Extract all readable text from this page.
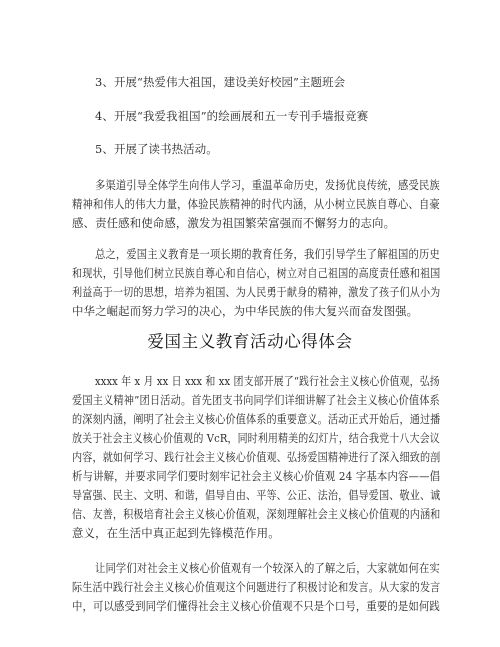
3、开展“热爱伟大祖国，建设美好校园”主题班会
4、开展“我爱我祖国”的绘画展和五一专刊手墙报竞赛
5、开展了读书热活动。
多渠道引导全体学生向伟人学习，重温革命历史，发扬优良传统，感受民族
精神和伟人的伟大力量，体验民族精神的时代内涵，从小树立民族自尊心、自豪
感、责任感和使命感，激发为祖国繁荣富强而不懈努力的志向。
总之，爱国主义教育是一项长期的教育任务，我们引导学生了解祖国的历史
和现状，引导他们树立民族自尊心和自信心，树立对自己祖国的高度责任感和祖国
利益高于一切的思想，培养为祖国、为人民勇于献身的精神，激发了孩子们从小为
中华之崛起而努力学习的决心，为中华民族的伟大复兴而奋发图强。
爱国主义教育活动心得体会
xxxx 年 x 月 xx 日 xxx 和 xx 团支部开展了“践行社会主义核心价值观，弘扬
爱国主义精神”团日活动。首先团支书向同学们详细讲解了社会主义核心价值体系
的深刻内涵，阐明了社会主义核心价值体系的重要意义。活动正式开始后，通过播
放关于社会主义核心价值观的 VcR，同时利用精美的幻灯片，结合我党十八大会议
内容，就如何学习、践行社会主义核心价值观、弘扬爱国精神进行了深入细致的剖
析与讲解，并要求同学们要时刻牢记社会主义核心价值观 24 字基本内容——倡
导富强、民主、文明、和谐，倡导自由、平等、公正、法治，倡导爱国、敬业、诚
信、友善，积极培育社会主义核心价值观，深刻理解社会主义核心价值观的内涵和
意义，在生活中真正起到先锋模范作用。
让同学们对社会主义核心价值观有一个较深入的了解之后，大家就如何在实
际生活中践行社会主义核心价值观这个问题进行了积极讨论和发言。从大家的发言
中，可以感受到同学们懂得社会主义核心价值观不只是个口号，重要的是如何践
